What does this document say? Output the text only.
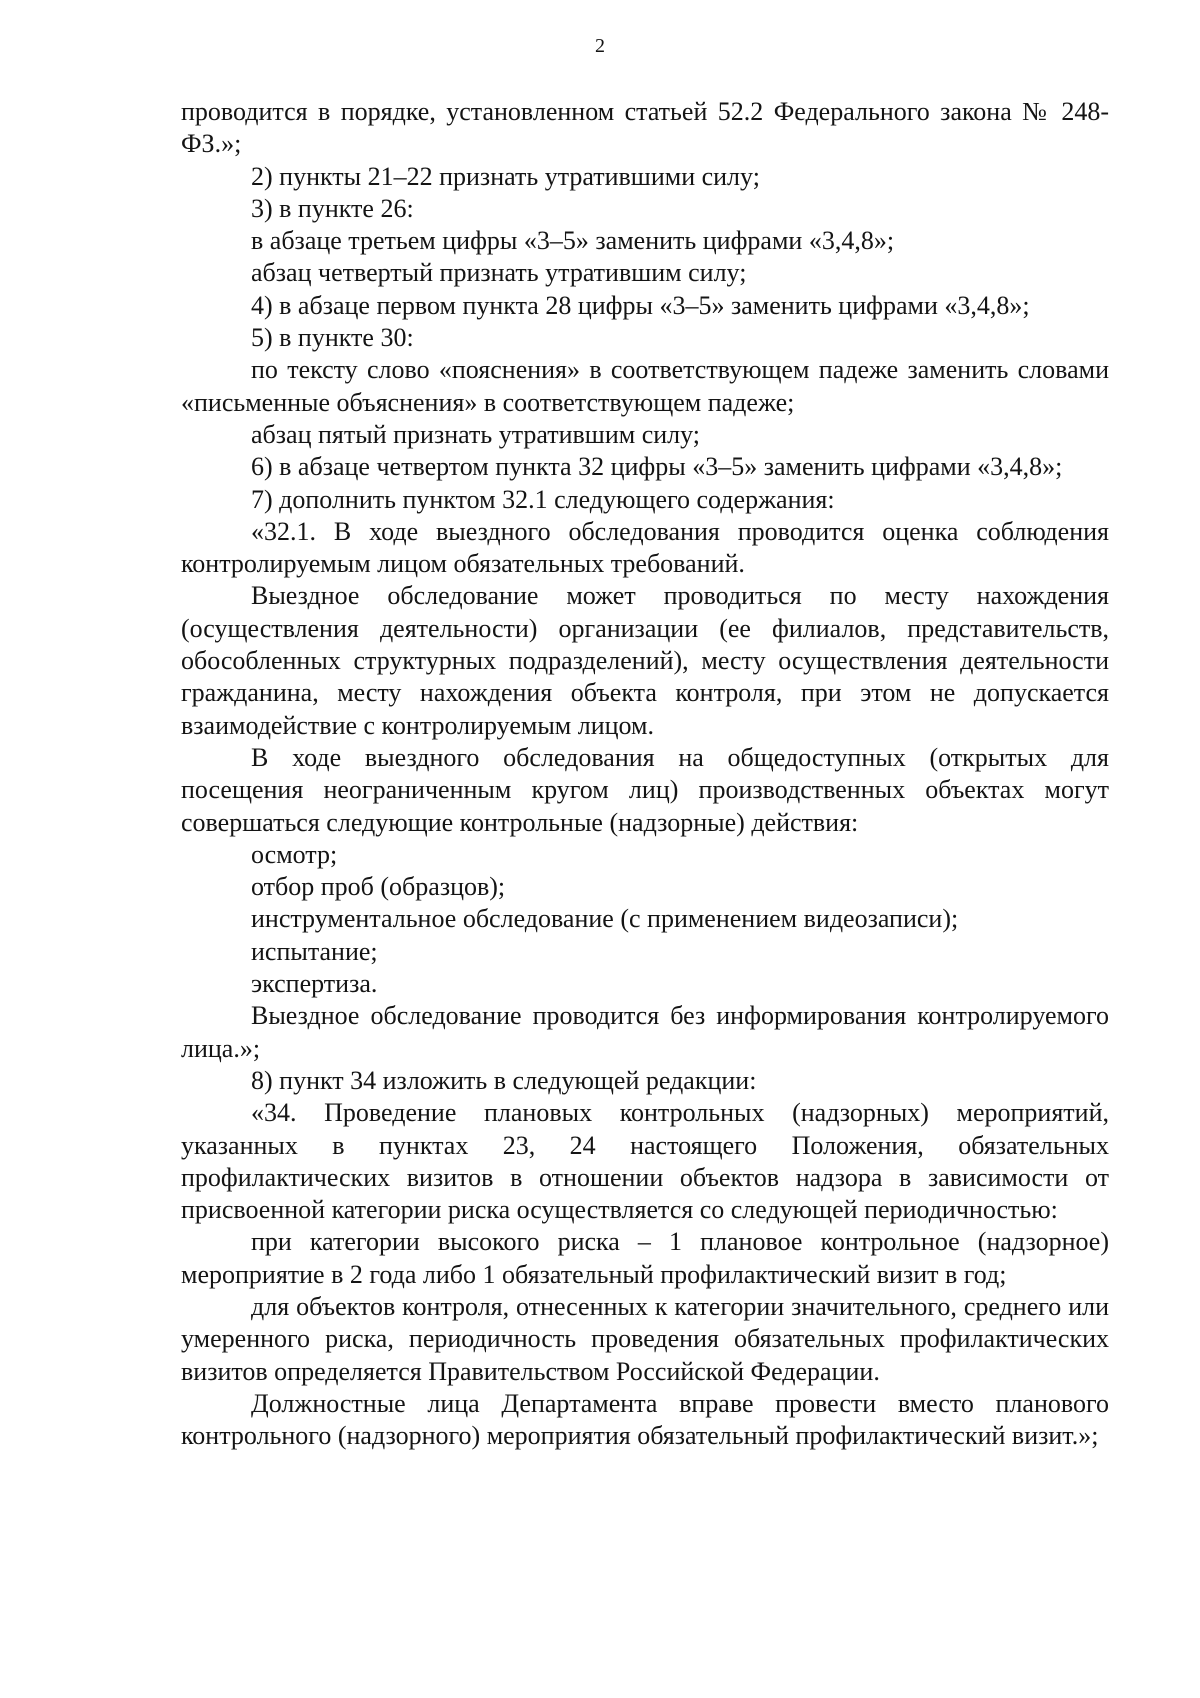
2

проводится в порядке, установленном статьей 52.2 Федерального закона № 248-ФЗ.»;

2) пункты 21–22 признать утратившими силу;

3) в пункте 26:

в абзаце третьем цифры «3–5» заменить цифрами «3,4,8»;

абзац четвертый признать утратившим силу;

4) в абзаце первом пункта 28 цифры «3–5» заменить цифрами «3,4,8»;

5) в пункте 30:

по тексту слово «пояснения» в соответствующем падеже заменить словами «письменные объяснения» в соответствующем падеже;

абзац пятый признать утратившим силу;

6) в абзаце четвертом пункта 32 цифры «3–5» заменить цифрами «3,4,8»;

7) дополнить пунктом 32.1 следующего содержания:

«32.1. В ходе выездного обследования проводится оценка соблюдения контролируемым лицом обязательных требований.

Выездное обследование может проводиться по месту нахождения (осуществления деятельности) организации (ее филиалов, представительств, обособленных структурных подразделений), месту осуществления деятельности гражданина, месту нахождения объекта контроля, при этом не допускается взаимодействие с контролируемым лицом.

В ходе выездного обследования на общедоступных (открытых для посещения неограниченным кругом лиц) производственных объектах могут совершаться следующие контрольные (надзорные) действия:

осмотр;

отбор проб (образцов);

инструментальное обследование (с применением видеозаписи);

испытание;

экспертиза.

Выездное обследование проводится без информирования контролируемого лица.»;

8) пункт 34 изложить в следующей редакции:

«34. Проведение плановых контрольных (надзорных) мероприятий, указанных в пунктах 23, 24 настоящего Положения, обязательных профилактических визитов в отношении объектов надзора в зависимости от присвоенной категории риска осуществляется со следующей периодичностью:

при категории высокого риска – 1 плановое контрольное (надзорное) мероприятие в 2 года либо 1 обязательный профилактический визит в год;

для объектов контроля, отнесенных к категории значительного, среднего или умеренного риска, периодичность проведения обязательных профилактических визитов определяется Правительством Российской Федерации.

Должностные лица Департамента вправе провести вместо планового контрольного (надзорного) мероприятия обязательный профилактический визит.»;
